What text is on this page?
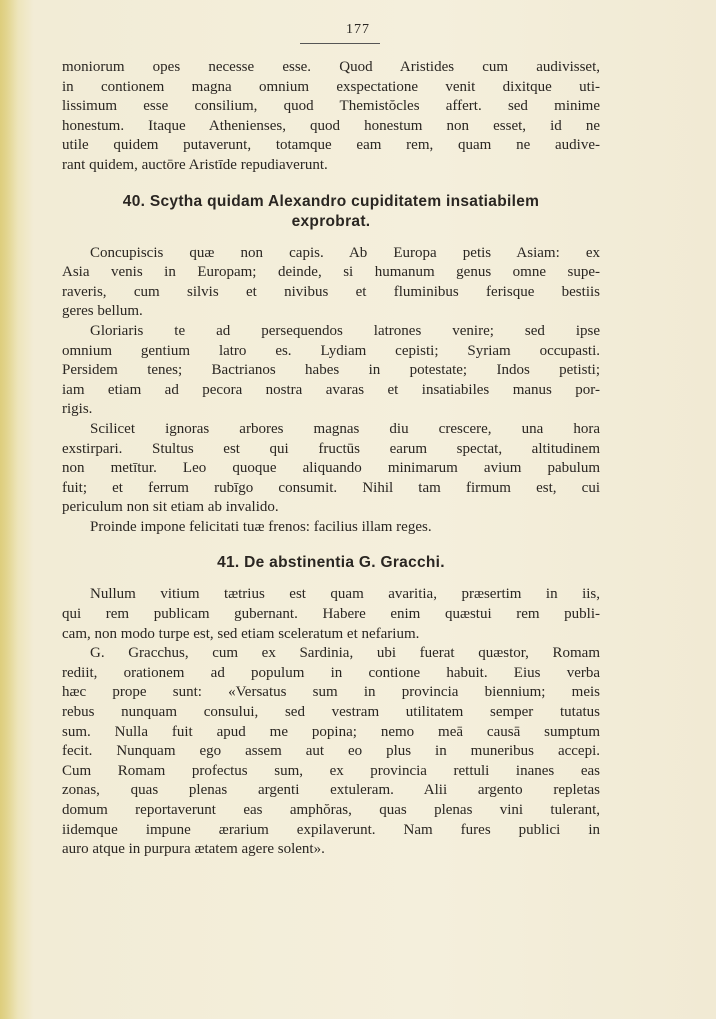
177
moniorum opes necesse esse. Quod Aristides cum audivisset,
in contionem magna omnium exspectatione venit dixitque uti-
lissimum esse consilium, quod Themistŏcles affert. sed minime
honestum. Itaque Athenienses, quod honestum non esset, id ne
utile quidem putaverunt, totamque eam rem, quam ne audive-
rant quidem, auctōre Aristīde repudiaverunt.
40. Scytha quidam Alexandro cupiditatem insatiabilem
exprobrat.
Concupiscis quæ non capis. Ab Europa petis Asiam: ex
Asia venis in Europam; deinde, si humanum genus omne supe-
raveris, cum silvis et nivibus et fluminibus ferisque bestiis
geres bellum.
Gloriaris te ad persequendos latrones venire; sed ipse
omnium gentium latro es. Lydiam cepisti; Syriam occupasti.
Persidem tenes; Bactrianos habes in potestate; Indos petisti;
iam etiam ad pecora nostra avaras et insatiabiles manus por-
rigis.
Scilicet ignoras arbores magnas diu crescere, una hora
exstirpari. Stultus est qui fructūs earum spectat, altitudinem
non metītur. Leo quoque aliquando minimarum avium pabulum
fuit; et ferrum rubīgo consumit. Nihil tam firmum est, cui
periculum non sit etiam ab invalido.
Proinde impone felicitati tuæ frenos: facilius illam reges.
41. De abstinentia G. Gracchi.
Nullum vitium tætrius est quam avaritia, præsertim in iis,
qui rem publicam gubernant. Habere enim quæstui rem publi-
cam, non modo turpe est, sed etiam sceleratum et nefarium.
G. Gracchus, cum ex Sardinia, ubi fuerat quæstor, Romam
rediit, orationem ad populum in contione habuit. Eius verba
hæc prope sunt: «Versatus sum in provincia biennium; meis
rebus nunquam consului, sed vestram utilitatem semper tutatus
sum. Nulla fuit apud me popina; nemo meā causā sumptum
fecit. Nunquam ego assem aut eo plus in muneribus accepi.
Cum Romam profectus sum, ex provincia rettuli inanes eas
zonas, quas plenas argenti extuleram. Alii argento repletas
domum reportaverunt eas amphŏras, quas plenas vini tulerant,
iidemque impune ærarium expilaverunt. Nam fures publici in
auro atque in purpura ætatem agere solent».
